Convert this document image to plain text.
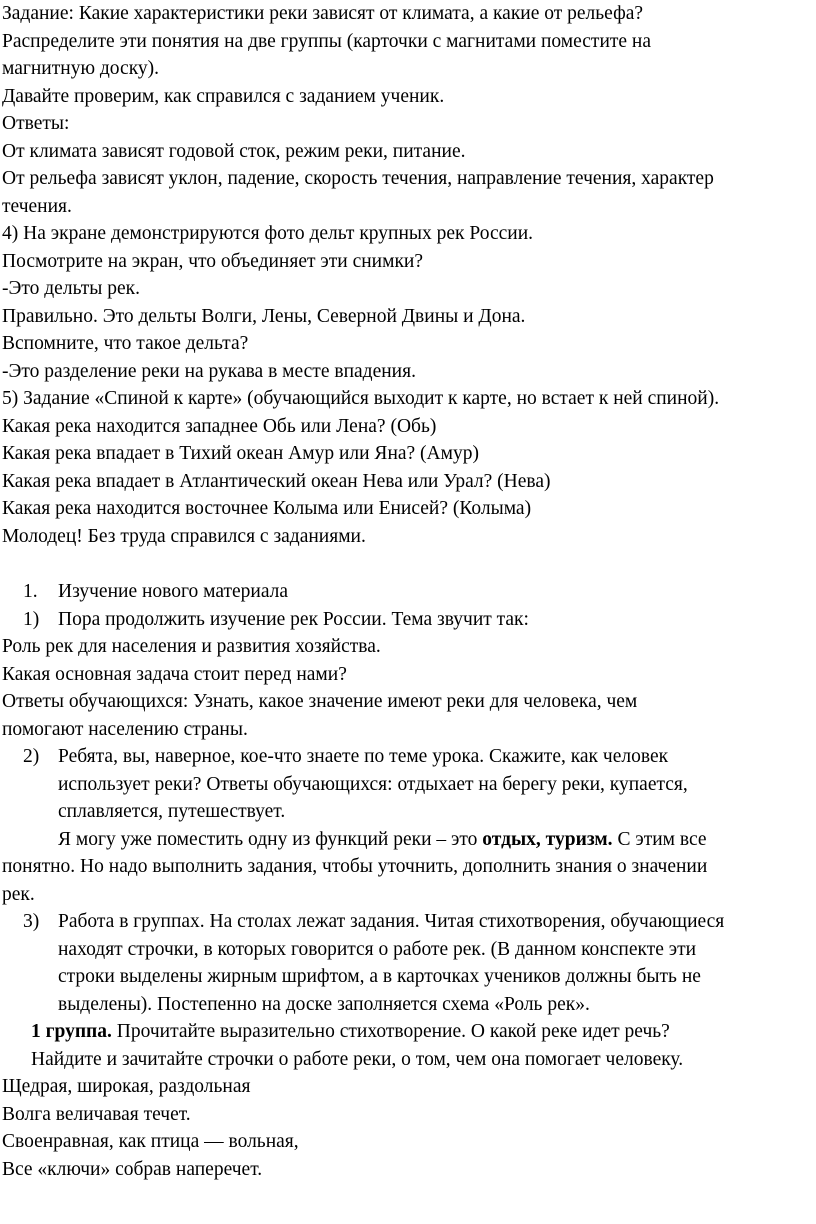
Задание: Какие характеристики реки зависят от климата, а какие от рельефа?
Распределите эти понятия на две группы (карточки с магнитами поместите на
магнитную доску).
Давайте проверим, как справился с заданием ученик.
Ответы:
От климата зависят годовой сток, режим реки, питание.
От рельефа зависят уклон, падение, скорость течения, направление течения, характер
течения.
4) На экране демонстрируются фото дельт крупных рек России.
Посмотрите на экран, что объединяет эти снимки?
-Это дельты рек.
Правильно. Это дельты Волги, Лены, Северной Двины и Дона.
Вспомните, что такое дельта?
-Это разделение реки на рукава в месте впадения.
5) Задание «Спиной к карте» (обучающийся выходит к карте, но встает к ней спиной).
Какая река находится западнее Обь или Лена? (Обь)
Какая река впадает в Тихий океан Амур или Яна? (Амур)
Какая река впадает в Атлантический океан Нева или Урал? (Нева)
Какая река находится восточнее Колыма или Енисей? (Колыма)
Молодец! Без труда справился с заданиями.
1. Изучение нового материала
1) Пора продолжить изучение рек России. Тема звучит так:
Роль рек для населения и развития хозяйства.
Какая основная задача стоит перед нами?
Ответы обучающихся: Узнать, какое значение имеют реки для человека, чем
помогают населению страны.
2) Ребята, вы, наверное, кое-что знаете по теме урока. Скажите, как человек
использует реки? Ответы обучающихся: отдыхает на берегу реки, купается,
сплавляется, путешествует.
Я могу уже поместить одну из функций реки – это отдых, туризм. С этим все
понятно. Но надо выполнить задания, чтобы уточнить, дополнить знания о значении
рек.
3) Работа в группах. На столах лежат задания. Читая стихотворения, обучающиеся
находят строчки, в которых говорится о работе рек. (В данном конспекте эти
строки выделены жирным шрифтом, а в карточках учеников должны быть не
выделены). Постепенно на доске заполняется схема «Роль рек».
1 группа. Прочитайте выразительно стихотворение. О какой реке идет речь?
Найдите и зачитайте строчки о работе реки, о том, чем она помогает человеку.
Щедрая, широкая, раздольная
Волга величавая течет.
Своенравная, как птица — вольная,
Все «ключи» собрав наперечет.
